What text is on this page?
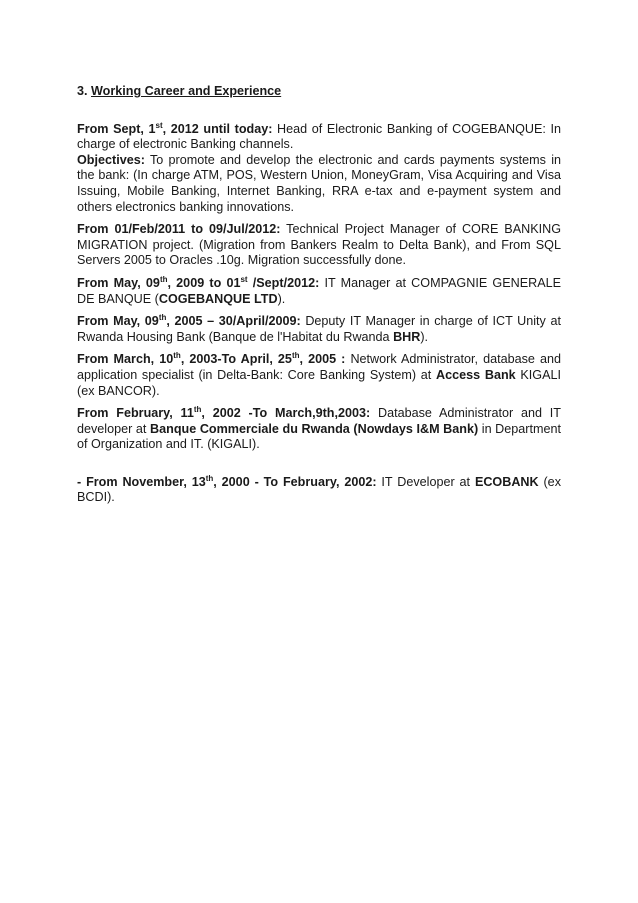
3. Working Career and Experience

From Sept, 1st, 2012 until today: Head of Electronic Banking of COGEBANQUE: In charge of electronic Banking channels.
Objectives: To promote and develop the electronic and cards payments systems in the bank: (In charge ATM, POS, Western Union, MoneyGram, Visa Acquiring and Visa Issuing, Mobile Banking, Internet Banking, RRA e-tax and e-payment system and others electronics banking innovations.

From 01/Feb/2011 to 09/Jul/2012: Technical Project Manager of CORE BANKING MIGRATION project. (Migration from Bankers Realm to Delta Bank), and From SQL Servers 2005 to Oracles .10g. Migration successfully done.

From May, 09th, 2009 to 01st /Sept/2012: IT Manager at COMPAGNIE GENERALE DE BANQUE (COGEBANQUE LTD).

From May, 09th, 2005 – 30/April/2009: Deputy IT Manager in charge of ICT Unity at Rwanda Housing Bank (Banque de l'Habitat du Rwanda BHR).

From March, 10th, 2003-To April, 25th, 2005 : Network Administrator, database and application specialist (in Delta-Bank: Core Banking System) at Access Bank KIGALI (ex BANCOR).

From February, 11th, 2002 -To March,9th,2003: Database Administrator and IT developer at Banque Commerciale du Rwanda (Nowdays I&M Bank) in Department of Organization and IT. (KIGALI).

- From November, 13th, 2000 - To February, 2002: IT Developer at ECOBANK (ex BCDI).
